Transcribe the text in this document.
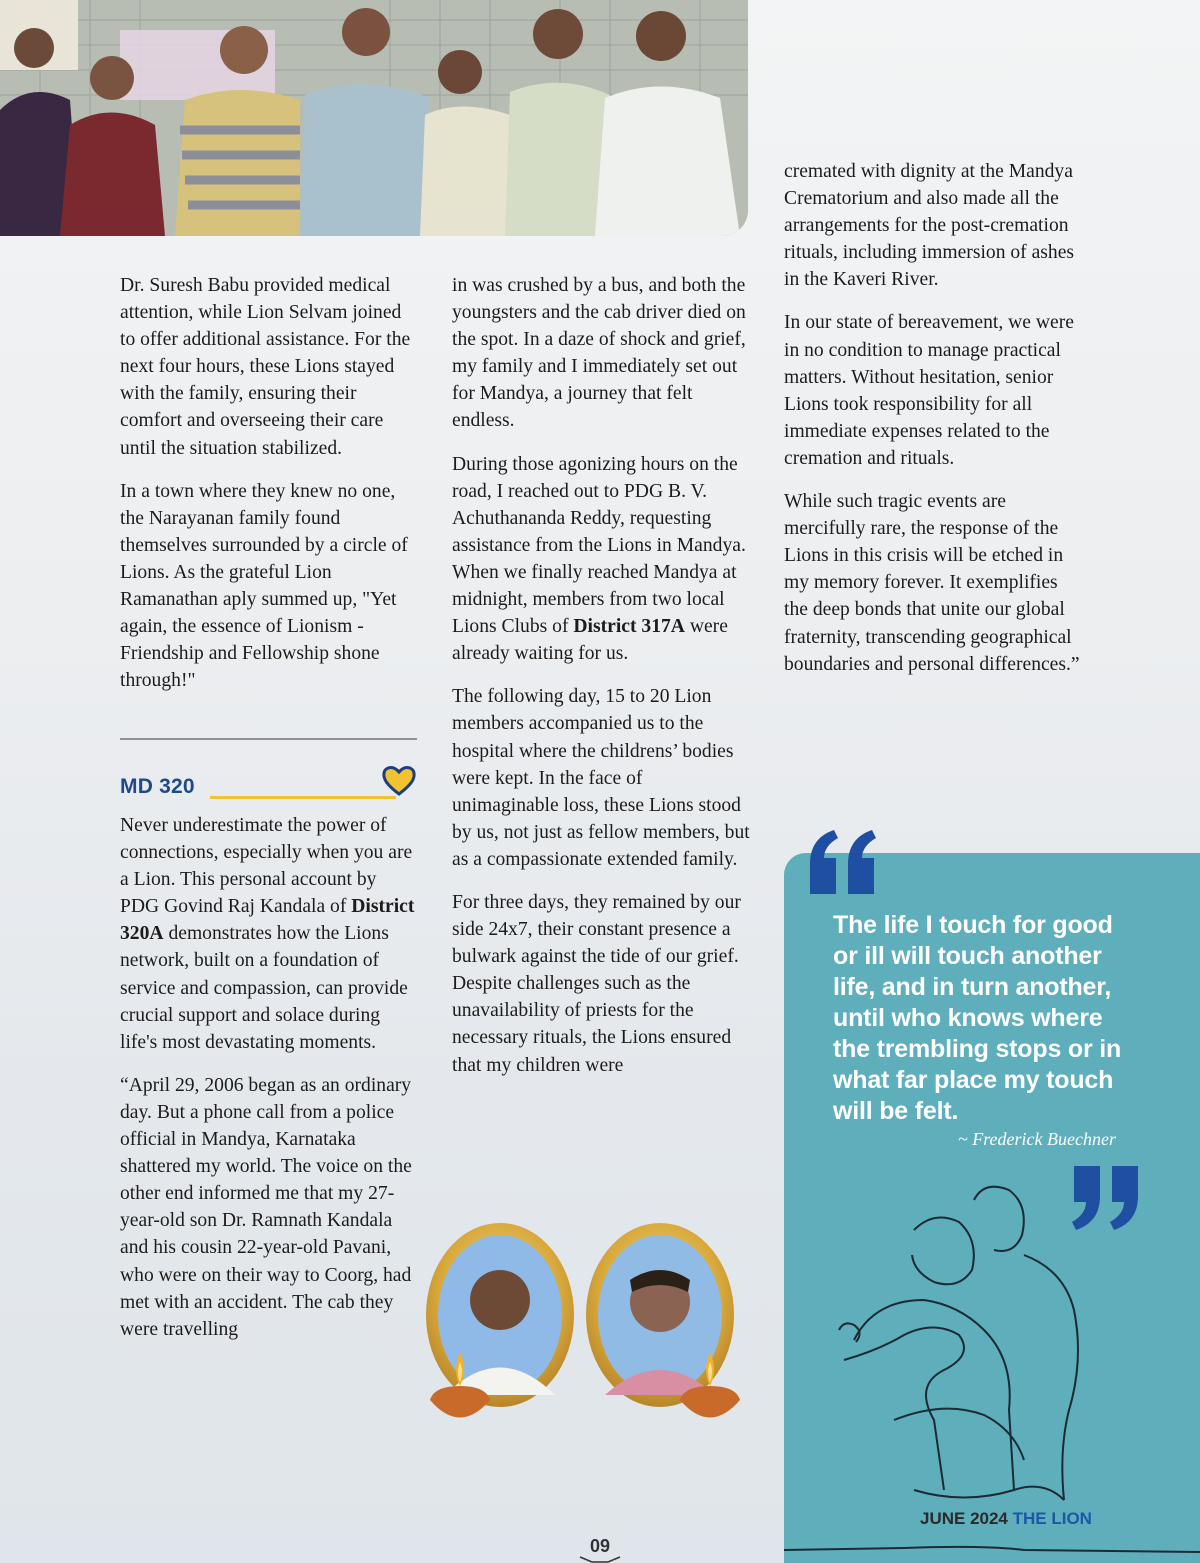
Dr. Suresh Babu provided medical attention, while Lion Selvam joined to offer additional assistance. For the next four hours, these Lions stayed with the family, ensuring their comfort and overseeing their care until the situation stabilized.

In a town where they knew no one, the Narayanan family found themselves surrounded by a circle of Lions. As the grateful Lion Ramanathan aply summed up, "Yet again, the essence of Lionism - Friendship and Fellowship shone through!"

MD 320

Never underestimate the power of connections, especially when you are a Lion. This personal account by PDG Govind Raj Kandala of District 320A demonstrates how the Lions network, built on a foundation of service and compassion, can provide crucial support and solace during life's most devastating moments.

“April 29, 2006 began as an ordinary day. But a phone call from a police official in Mandya, Karnataka shattered my world. The voice on the other end informed me that my 27-year-old son Dr. Ramnath Kandala and his cousin 22-year-old Pavani, who were on their way to Coorg, had met with an accident. The cab they were travelling

in was crushed by a bus, and both the youngsters and the cab driver died on the spot. In a daze of shock and grief, my family and I immediately set out for Mandya, a journey that felt endless.

During those agonizing hours on the road, I reached out to PDG B. V. Achuthananda Reddy, requesting assistance from the Lions in Mandya. When we finally reached Mandya at midnight, members from two local Lions Clubs of District 317A were already waiting for us.

The following day, 15 to 20 Lion members accompanied us to the hospital where the childrens’ bodies were kept. In the face of unimaginable loss, these Lions stood by us, not just as fellow members, but as a compassionate extended family.

For three days, they remained by our side 24x7, their constant presence a bulwark against the tide of our grief. Despite challenges such as the unavailability of priests for the necessary rituals, the Lions ensured that my children were

cremated with dignity at the Mandya Crematorium and also made all the arrangements for the post-cremation rituals, including immersion of ashes in the Kaveri River.

In our state of bereavement, we were in no condition to manage practical matters. Without hesitation, senior Lions took responsibility for all immediate expenses related to the cremation and rituals.

While such tragic events are mercifully rare, the response of the Lions in this crisis will be etched in my memory forever. It exemplifies the deep bonds that unite our global fraternity, transcending geographical boundaries and personal differences.”

The life I touch for good or ill will touch another life, and in turn another, until who knows where the trembling stops or in what far place my touch will be felt.
~ Frederick Buechner
09
JUNE 2024 THE LION
